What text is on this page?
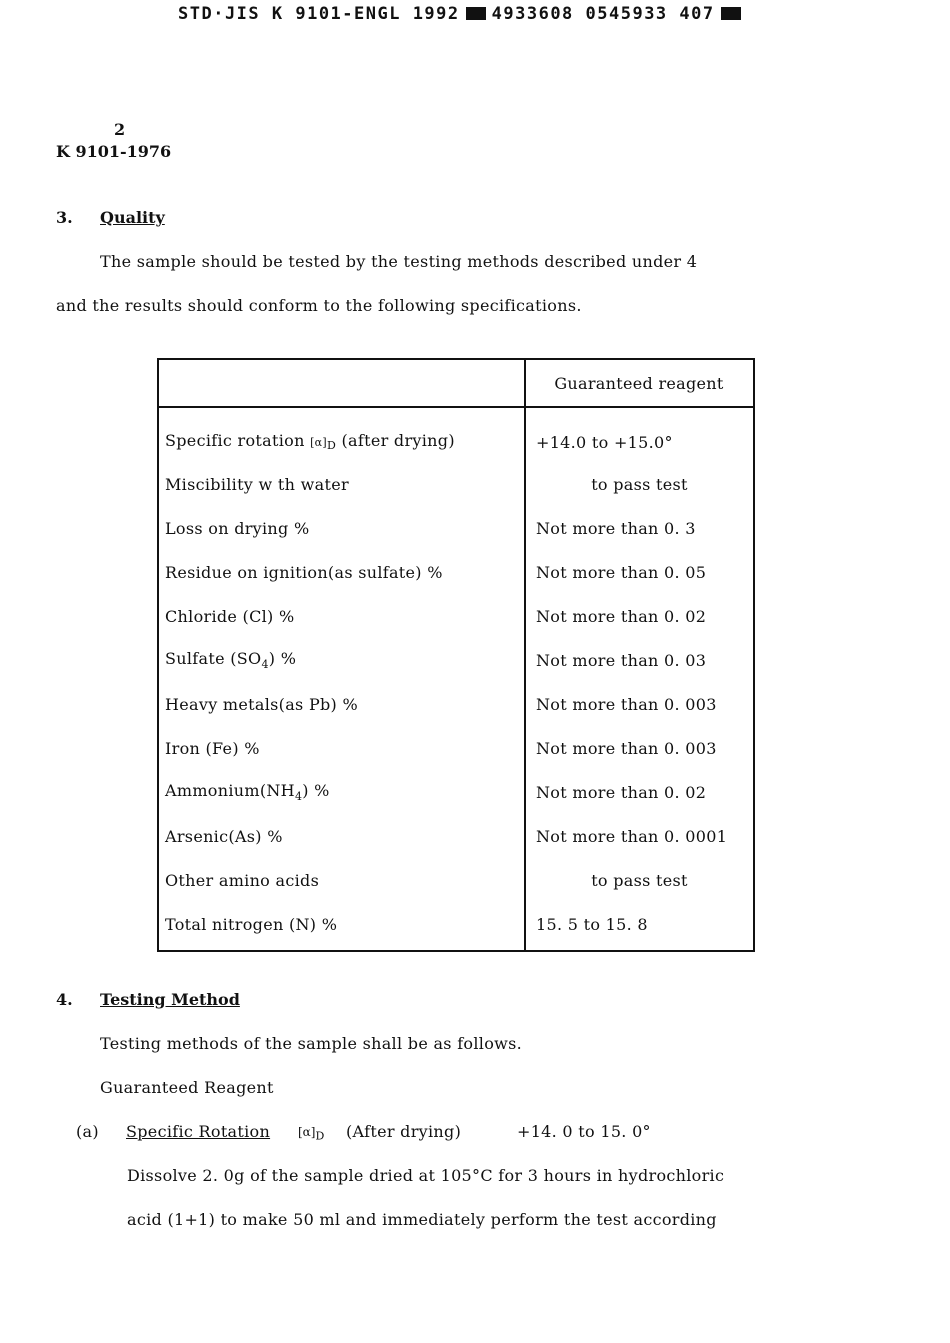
STD·JIS K 9101-ENGL 1992 4933608 0545933 407
2
K 9101-1976
3. Quality
The sample should be tested by the testing methods described under 4
and the results should conform to the following specifications.
	Guaranteed reagent
Specific rotation $[\alpha]_D$ (after drying)	+14.0 to +15.0°
Miscibility w th water	to pass test
Loss on drying %	Not more than 0. 3
Residue on ignition(as sulfate) %	Not more than 0. 05
Chloride (Cl) %	Not more than 0. 02
Sulfate $(SO_4)$ %	Not more than 0. 03
Heavy metals(as Pb) %	Not more than 0. 003
Iron (Fe) %	Not more than 0. 003
$Ammonium(NH_4)$ %	Not more than 0. 02
Arsenic(As) %	Not more than 0. 0001
Other amino acids	to pass test
Total nitrogen (N) %	15. 5 to 15. 8
4. Testing Method
Testing methods of the sample shall be as follows.
Guaranteed Reagent
(a) Specific Rotation $[\alpha]_D$ (After drying)	+14. 0 to 15. 0°
Dissolve 2. 0g of the sample dried at 105°C for 3 hours in hydrochloric
acid (1+1) to make 50 ml and immediately perform the test according
